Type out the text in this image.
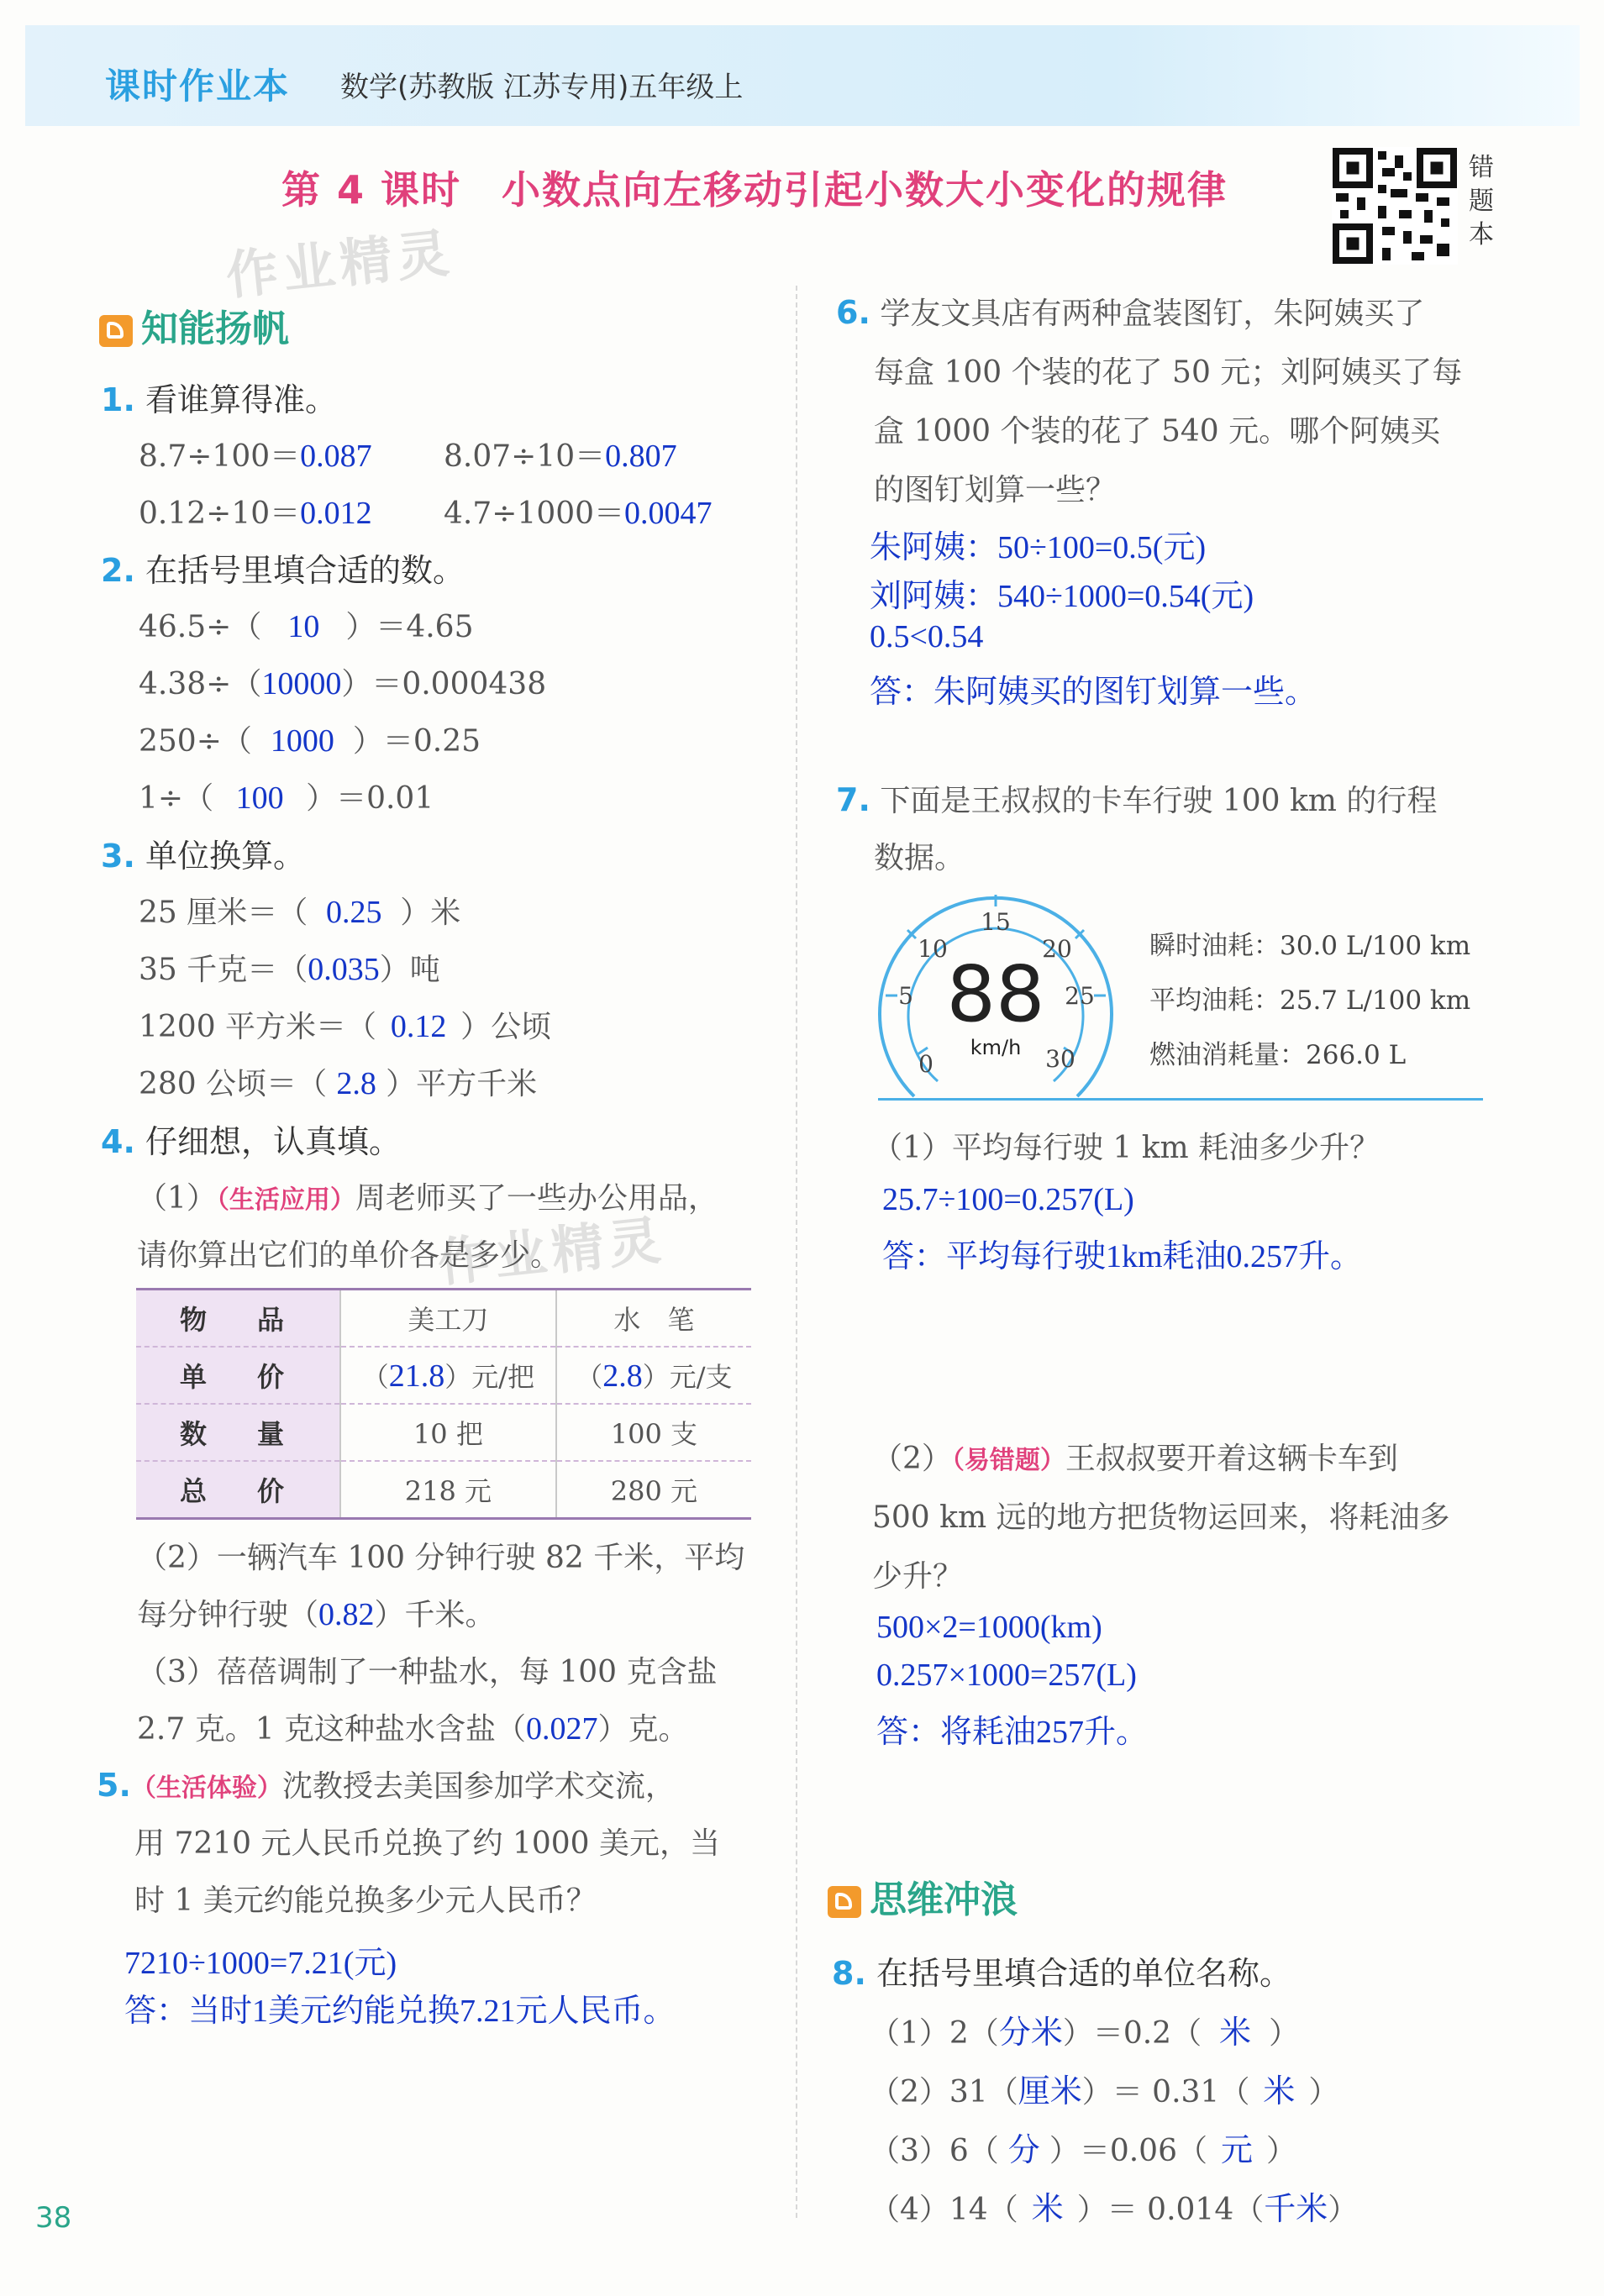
课时作业本 数学(苏教版 江苏专用)五年级上
第 4 课时　小数点向左移动引起小数大小变化的规律	错
题
本
作业精灵
作业精灵
知能扬帆
1. 看谁算得准。
8.7÷100＝0.087 8.07÷10＝0.807
0.12÷10＝0.012 4.7÷1000＝0.0047
2. 在括号里填合适的数。
46.5÷（ 10 ）＝4.65
4.38÷（10000）＝0.000438
250÷（ 1000 ）＝0.25
1÷（ 100 ）＝0.01
3. 单位换算。
25 厘米＝（ 0.25 ）米
35 千克＝（0.035）吨
1200 平方米＝（ 0.12 ）公顷
280 公顷＝（ 2.8 ）平方千米
4. 仔细想，认真填。
（1）（生活应用）周老师买了一些办公用品，
请你算出它们的单价各是多少。
物　品	美工刀	水　笔
单　价	（21.8）元/把	（2.8）元/支
数　量	10 把	100 支
总　价	218 元	280 元
（2）一辆汽车 100 分钟行驶 82 千米，平均
每分钟行驶（0.82）千米。
（3）蓓蓓调制了一种盐水，每 100 克含盐
2.7 克。1 克这种盐水含盐（0.027）克。
5.（生活体验）沈教授去美国参加学术交流，
用 7210 元人民币兑换了约 1000 美元，当
时 1 美元约能兑换多少元人民币？
7210÷1000=7.21(元)
答：当时1美元约能兑换7.21元人民币。
38
6. 学友文具店有两种盒装图钉，朱阿姨买了
每盒 100 个装的花了 50 元；刘阿姨买了每
盒 1000 个装的花了 540 元。哪个阿姨买
的图钉划算一些？
朱阿姨：50÷100=0.5(元)
刘阿姨：540÷1000=0.54(元)
0.5<0.54
答：朱阿姨买的图钉划算一些。
7. 下面是王叔叔的卡车行驶 100 km 的行程
数据。
0
5
10
15
20
25
30
88
km/h
瞬时油耗：30.0 L/100 km
平均油耗：25.7 L/100 km
燃油消耗量：266.0 L
（1）平均每行驶 1 km 耗油多少升？
25.7÷100=0.257(L)
答：平均每行驶1km耗油0.257升。
（2）（易错题）王叔叔要开着这辆卡车到
500 km 远的地方把货物运回来，将耗油多
少升？
500×2=1000(km)
0.257×1000=257(L)
答：将耗油257升。
思维冲浪
8. 在括号里填合适的单位名称。
（1）2（分米）＝0.2（ 米 ）
（2）31（厘米）＝ 0.31（ 米 ）
（3）6（ 分 ）＝0.06（ 元 ）
（4）14（ 米 ）＝ 0.014（千米）
